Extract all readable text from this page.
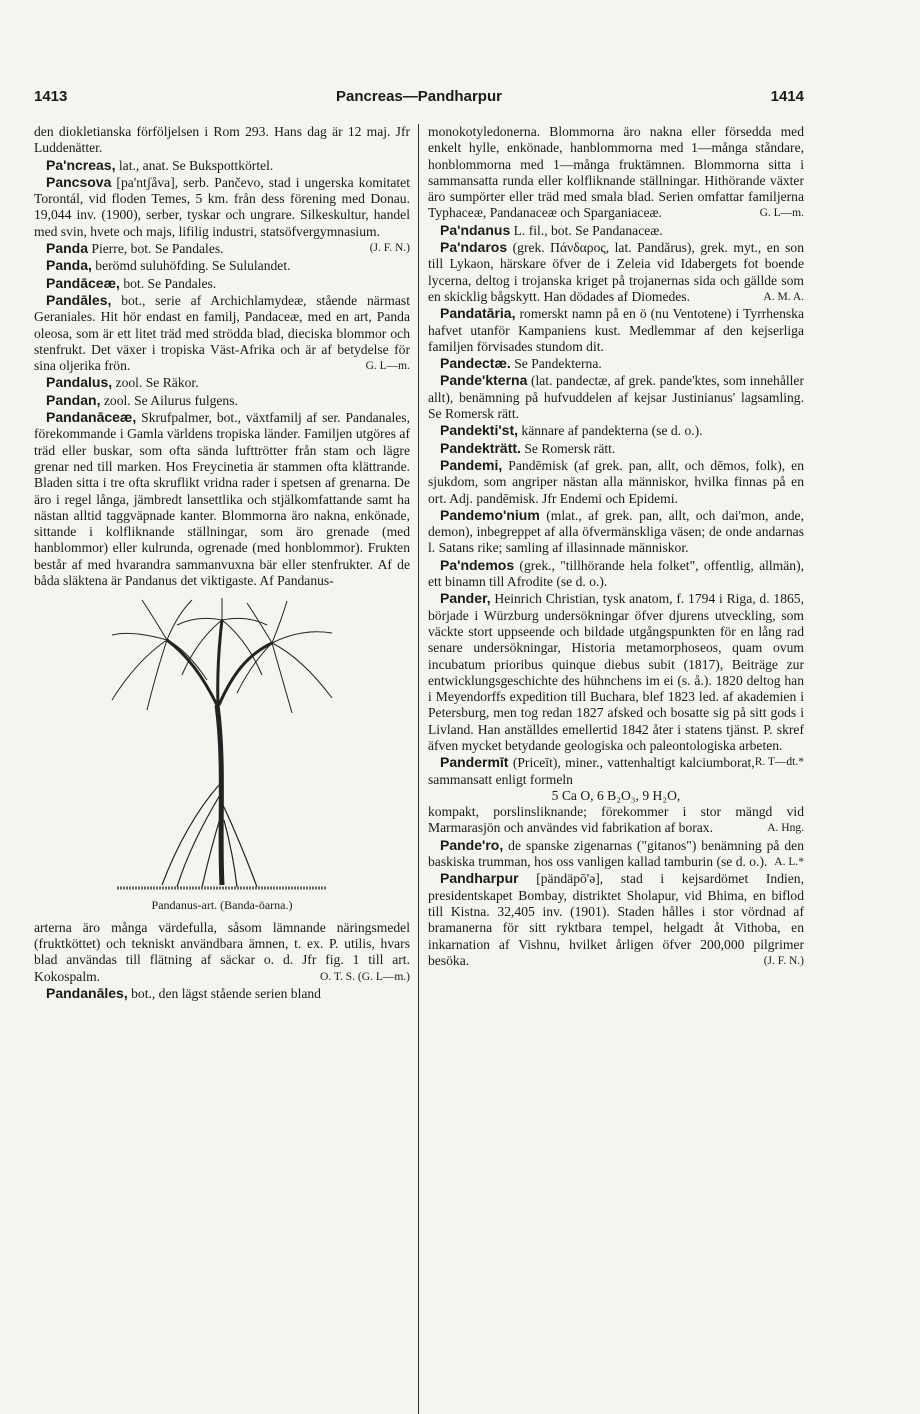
1413	Pancreas—Pandharpur	1414

den diokletianska förföljelsen i Rom 293. Hans dag är 12 maj. Jfr Luddenätter.

Pa'ncreas, lat., anat. Se Bukspottkörtel.

Pancsova [pa'ntʃåva], serb. Pančevo, stad i ungerska komitatet Torontál, vid floden Temes, 5 km. från dess förening med Donau. 19,044 inv. (1900), serber, tyskar och ungrare. Silkeskultur, handel med svin, hvete och majs, lifilig industri, statsöfvergymnasium.
(J. F. N.)

Panda Pierre, bot. Se Pandales.

Panda, berömd suluhöfding. Se Sululandet.

Pandāceæ, bot. Se Pandales.

Pandāles, bot., serie af Archichlamydeæ, stående närmast Geraniales. Hit hör endast en familj, Pandaceæ, med en art, Panda oleosa, som är ett litet träd med strödda blad, dieciska blommor och stenfrukt. Det växer i tropiska Väst-Afrika och är af betydelse för sina oljerika frön.	G. L—m.

Pandalus, zool. Se Räkor.

Pandan, zool. Se Ailurus fulgens.

Pandanāceæ, Skrufpalmer, bot., växtfamilj af ser. Pandanales, förekommande i Gamla världens tropiska länder. Familjen utgöres af träd eller buskar, som ofta sända lufttrötter från stam och lägre grenar ned till marken. Hos Freycinetia är stammen ofta klättrande. Bladen sitta i tre ofta skruflikt vridna rader i spetsen af grenarna. De äro i regel långa, jämbredt lansettlika och stjälkomfattande samt ha nästan alltid taggväpnade kanter. Blommorna äro nakna, enkönade, sittande i kolfliknande ställningar, som äro grenade (med hanblommor) eller kulrunda, ogrenade (med honblommor). Frukten består af med hvarandra sammanvuxna bär eller stenfrukter. Af de båda släktena är Pandanus det viktigaste. Af Pandanus-

Pandanus-art. (Banda-öarna.)

arterna äro många värdefulla, såsom lämnande näringsmedel (fruktköttet) och tekniskt användbara ämnen, t. ex. P. utilis, hvars blad användas till flätning af säckar o. d. Jfr fig. 1 till art. Kokospalm.	O. T. S. (G. L—m.)

Pandanāles, bot., den lägst stående serien bland

monokotyledonerna. Blommorna äro nakna eller försedda med enkelt hylle, enkönade, hanblommorna med 1—många ståndare, honblommorna med 1—många fruktämnen. Blommorna sitta i sammansatta runda eller kolfliknande ställningar. Hithörande växter äro sumpörter eller träd med smala blad. Serien omfattar familjerna Typhaceæ, Pandanaceæ och Sparganiaceæ.	G. L—m.

Pa'ndanus L. fil., bot. Se Pandanaceæ.

Pa'ndaros (grek. Πάνδαρος, lat. Pandărus), grek. myt., en son till Lykaon, härskare öfver de i Zeleia vid Idabergets fot boende lycerna, deltog i trojanska kriget på trojanernas sida och gällde som en skicklig bågskytt. Han dödades af Diomedes.	A. M. A.

Pandatāria, romerskt namn på en ö (nu Ventotene) i Tyrrhenska hafvet utanför Kampaniens kust. Medlemmar af den kejserliga familjen förvisades stundom dit.

Pandectæ. Se Pandekterna.

Pande'kterna (lat. pandectæ, af grek. pande'ktes, som innehåller allt), benämning på hufvuddelen af kejsar Justinianus' lagsamling. Se Romersk rätt.

Pandekti'st, kännare af pandekterna (se d. o.).

Pandekträtt. Se Romersk rätt.

Pandemi, Pandēmisk (af grek. pan, allt, och dēmos, folk), en sjukdom, som angriper nästan alla människor, hvilka finnas på en ort. Adj. pandēmisk. Jfr Endemi och Epidemi.

Pandemo'nium (mlat., af grek. pan, allt, och dai'mon, ande, demon), inbegreppet af alla öfvermänskliga väsen; de onde andarnas l. Satans rike; samling af illasinnade människor.

Pa'ndemos (grek., "tillhörande hela folket", offentlig, allmän), ett binamn till Afrodite (se d. o.).

Pander, Heinrich Christian, tysk anatom, f. 1794 i Riga, d. 1865, började i Würzburg undersökningar öfver djurens utveckling, som väckte stort uppseende och bildade utgångspunkten för en lång rad senare undersökningar, Historia metamorphoseos, quam ovum incubatum prioribus quinque diebus subit (1817), Beiträge zur entwicklungsgeschichte des hühnchens im ei (s. å.). 1820 deltog han i Meyendorffs expedition till Buchara, blef 1823 led. af akademien i Petersburg, men tog redan 1827 afsked och bosatte sig på sitt gods i Livland. Han anställdes emellertid 1842 åter i statens tjänst. P. skref äfven mycket betydande geologiska och paleontologiska arbeten.
R. T—dt.*

Pandermīt (Priceīt), miner., vattenhaltigt kalciumborat, sammansatt enligt formeln

5 Ca O, 6 B₂O₃, 9 H₂O,

kompakt, porslinsliknande; förekommer i stor mängd vid Marmarasjön och användes vid fabrikation af borax.	A. Hng.

Pande'ro, de spanske zigenarnas ("gitanos") benämning på den baskiska trumman, hos oss vanligen kallad tamburin (se d. o.). A. L.*

Pandharpur [pändäpō'ə], stad i kejsardömet Indien, presidentskapet Bombay, distriktet Sholapur, vid Bhima, en biflod till Kistna. 32,405 inv. (1901). Staden hålles i stor vördnad af bramanerna för sitt ryktbara tempel, helgadt åt Vithoba, en inkarnation af Vishnu, hvilket årligen öfver 200,000 pilgrimer besöka.	(J. F. N.)
